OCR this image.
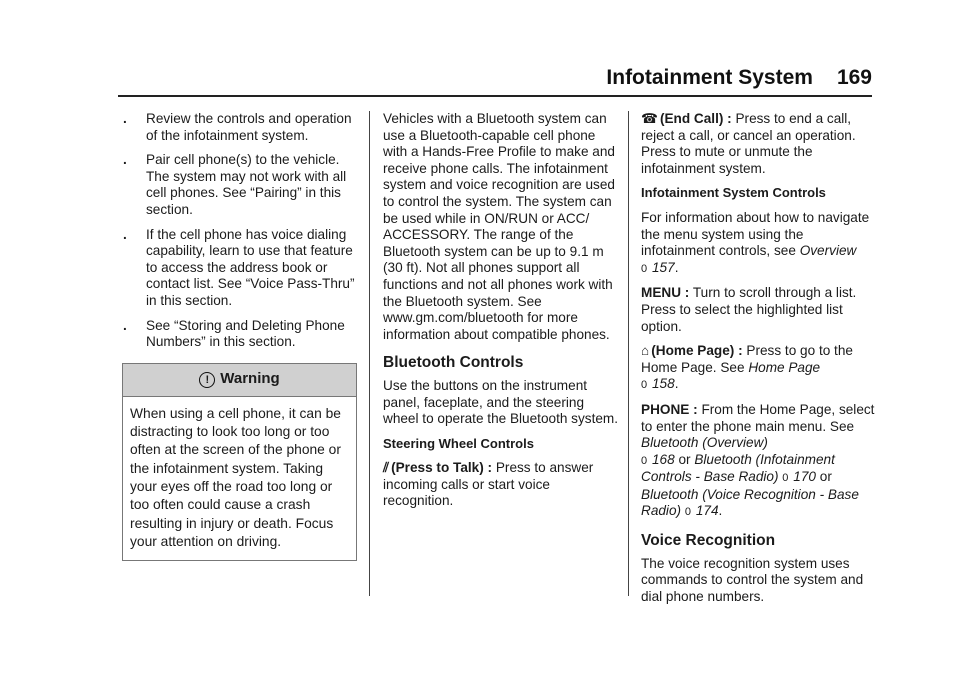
Infotainment System 169
. Review the controls and operation of the infotainment system.
. Pair cell phone(s) to the vehicle. The system may not work with all cell phones. See “Pairing” in this section.
. If the cell phone has voice dialing capability, learn to use that feature to access the address book or contact list. See “Voice Pass-Thru” in this section.
. See “Storing and Deleting Phone Numbers” in this section.
! Warning
When using a cell phone, it can be distracting to look too long or too often at the screen of the phone or the infotainment system. Taking your eyes off the road too long or too often could cause a crash resulting in injury or death. Focus your attention on driving.

Vehicles with a Bluetooth system can use a Bluetooth-capable cell phone with a Hands-Free Profile to make and receive phone calls. The infotainment system and voice recognition are used to control the system. The system can be used while in ON/RUN or ACC/ ACCESSORY. The range of the Bluetooth system can be up to 9.1 m (30 ft). Not all phones support all functions and not all phones work with the Bluetooth system. See www.gm.com/bluetooth for more information about compatible phones.

Bluetooth Controls

Use the buttons on the instrument panel, faceplate, and the steering wheel to operate the Bluetooth system.

Steering Wheel Controls

⫽ (Press to Talk) : Press to answer incoming calls or start voice recognition.

☎ (End Call) : Press to end a call, reject a call, or cancel an operation. Press to mute or unmute the infotainment system.

Infotainment System Controls

For information about how to navigate the menu system using the infotainment controls, see Overview
0 157.

MENU : Turn to scroll through a list. Press to select the highlighted list option.

⌂ (Home Page) : Press to go to the Home Page. See Home Page
0 158.

PHONE : From the Home Page, select to enter the phone main menu. See Bluetooth (Overview)
0 168 or Bluetooth (Infotainment Controls - Base Radio) 0 170 or Bluetooth (Voice Recognition - Base Radio) 0 174.

Voice Recognition

The voice recognition system uses commands to control the system and dial phone numbers.
